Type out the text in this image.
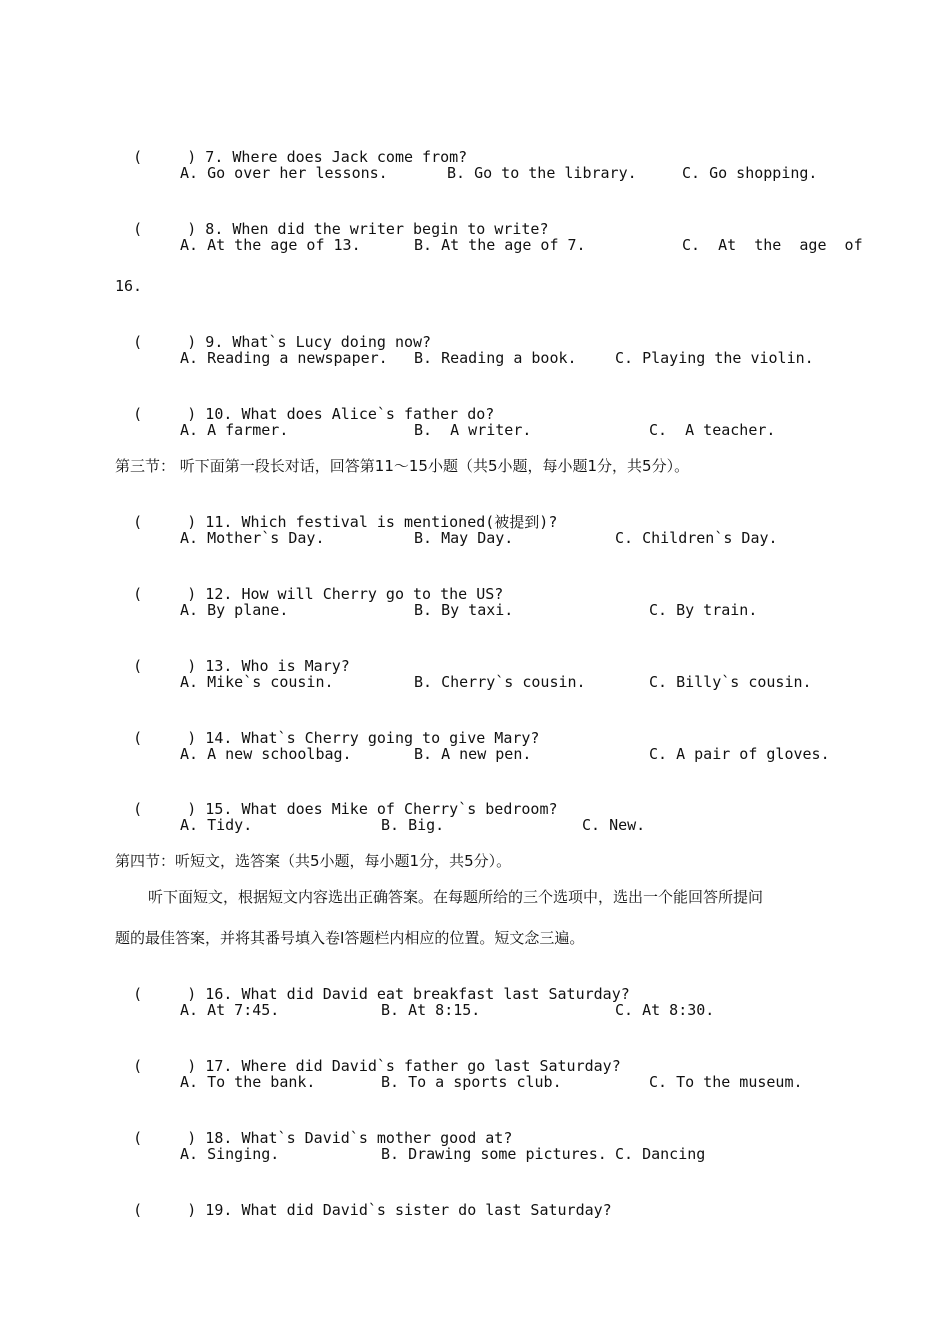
(     ) 7. Where does Jack come from?

A. Go over her lessons.	B. Go to the library.	C. Go shopping.

(     ) 8. When did the writer begin to write?

A. At the age of 13.	B. At the age of 7.	C.  At  the  age  of
16.

(     ) 9. What`s Lucy doing now?

A. Reading a newspaper. B. Reading a book.	C. Playing the violin.

(     ) 10. What does Alice`s father do?

A. A farmer.	B.  A writer.	C.  A teacher.
第三节： 听下面第一段长对话，回答第11～15小题（共5小题，每小题1分，共5分）。

(     ) 11. Which festival is mentioned(被提到)?

A. Mother`s Day.	B. May Day.	C. Children`s Day.

(     ) 12. How will Cherry go to the US?

A. By plane.	B. By taxi.	C. By train.

(     ) 13. Who is Mary?

A. Mike`s cousin.	B. Cherry`s cousin.	C. Billy`s cousin.

(     ) 14. What`s Cherry going to give Mary?

A. A new schoolbag.	B. A new pen.	C. A pair of gloves.

(     ) 15. What does Mike of Cherry`s bedroom?

A. Tidy.	B. Big.	C. New.
第四节：听短文，选答案（共5小题，每小题1分，共5分）。
听下面短文，根据短文内容选出正确答案。在每题所给的三个选项中，选出一个能回答所提问
题的最佳答案，并将其番号填入卷Ⅰ答题栏内相应的位置。短文念三遍。

(     ) 16. What did David eat breakfast last Saturday?

A. At 7:45.	B. At 8:15.	C. At 8:30.

(     ) 17. Where did David`s father go last Saturday?

A. To the bank.	B. To a sports club.	C. To the museum.

(     ) 18. What`s David`s mother good at?

A. Singing.	B. Drawing some pictures. C. Dancing

(     ) 19. What did David`s sister do last Saturday?
